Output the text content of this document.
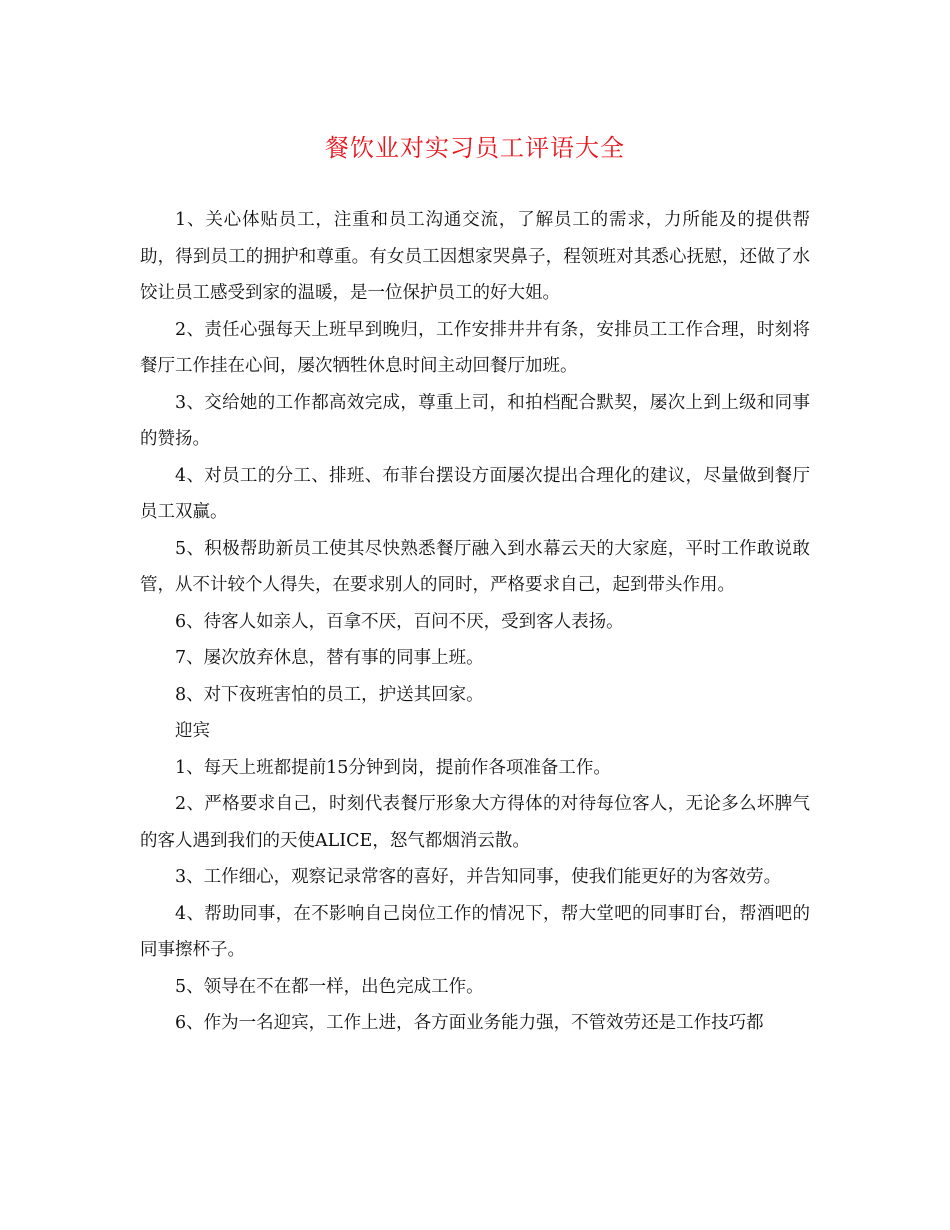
餐饮业对实习员工评语大全

1、关心体贴员工，注重和员工沟通交流，了解员工的需求，力所能及的提供帮助，得到员工的拥护和尊重。有女员工因想家哭鼻子，程领班对其悉心抚慰，还做了水饺让员工感受到家的温暖，是一位保护员工的好大姐。

2、责任心强每天上班早到晚归，工作安排井井有条，安排员工工作合理，时刻将餐厅工作挂在心间，屡次牺牲休息时间主动回餐厅加班。

3、交给她的工作都高效完成，尊重上司，和拍档配合默契，屡次上到上级和同事的赞扬。

4、对员工的分工、排班、布菲台摆设方面屡次提出合理化的建议，尽量做到餐厅员工双赢。

5、积极帮助新员工使其尽快熟悉餐厅融入到水幕云天的大家庭，平时工作敢说敢管，从不计较个人得失，在要求别人的同时，严格要求自己，起到带头作用。

6、待客人如亲人，百拿不厌，百问不厌，受到客人表扬。

7、屡次放弃休息，替有事的同事上班。

8、对下夜班害怕的员工，护送其回家。

迎宾

1、每天上班都提前15分钟到岗，提前作各项准备工作。

2、严格要求自己，时刻代表餐厅形象大方得体的对待每位客人，无论多么坏脾气的客人遇到我们的天使ALICE，怒气都烟消云散。

3、工作细心，观察记录常客的喜好，并告知同事，使我们能更好的为客效劳。

4、帮助同事，在不影响自己岗位工作的情况下，帮大堂吧的同事盯台，帮酒吧的同事擦杯子。

5、领导在不在都一样，出色完成工作。

6、作为一名迎宾，工作上进，各方面业务能力强，不管效劳还是工作技巧都
